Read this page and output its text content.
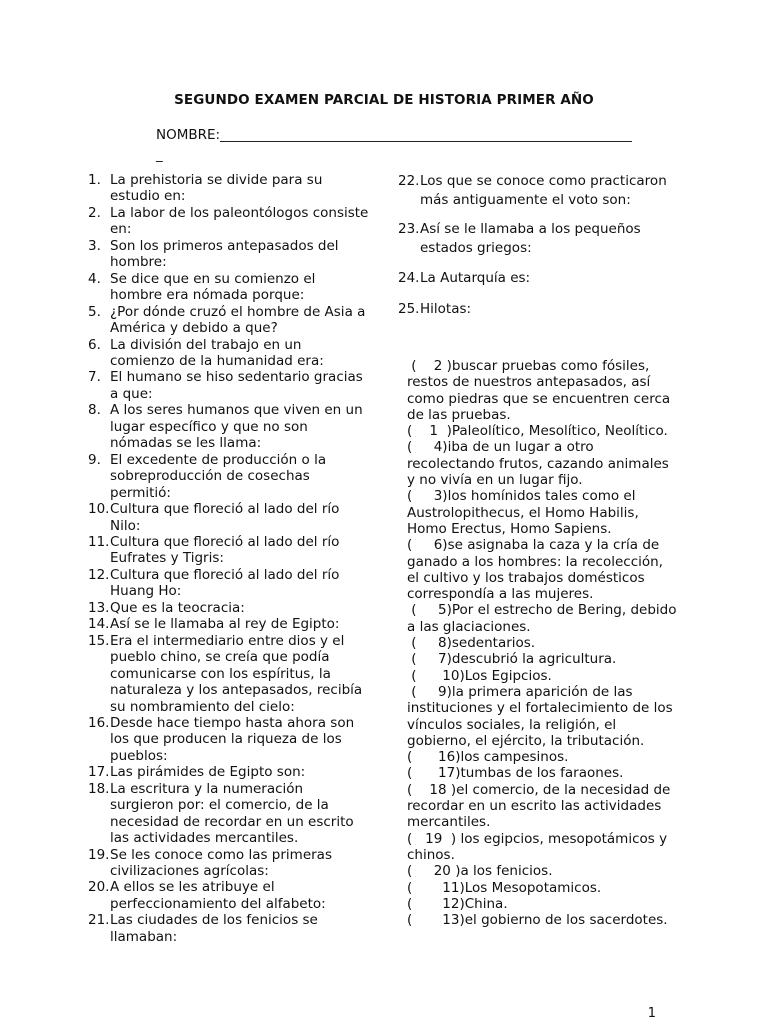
SEGUNDO EXAMEN PARCIAL DE HISTORIA PRIMER AÑO
NOMBRE:_____________________________________________________________
_
1. La prehistoria se divide para su estudio en:
2. La labor de los paleontólogos consiste en:
3. Son los primeros antepasados del hombre:
4. Se dice que en su comienzo el hombre era nómada porque:
5. ¿Por dónde cruzó el hombre de Asia a América y debido a que?
6. La división del trabajo en un comienzo de la humanidad era:
7. El humano se hiso sedentario gracias a que:
8. A los seres humanos que viven en un lugar específico y que no son nómadas se les llama:
9. El excedente de producción o la sobreproducción de cosechas permitió:
10. Cultura que floreció al lado del río Nilo:
11. Cultura que floreció al lado del río Eufrates y Tigris:
12. Cultura que floreció al lado del río Huang Ho:
13. Que es la teocracia:
14. Así se le llamaba al rey de Egipto:
15. Era el intermediario entre dios y el pueblo chino, se creía que podía comunicarse con los espíritus, la naturaleza y los antepasados, recibía su nombramiento del cielo:
16. Desde hace tiempo hasta ahora son los que producen la riqueza de los pueblos:
17. Las pirámides de Egipto son:
18. La escritura y la numeración surgieron por: el comercio, de la necesidad de recordar en un escrito las actividades mercantiles.
19. Se les conoce como las primeras civilizaciones agrícolas:
20. A ellos se les atribuye el perfeccionamiento del alfabeto:
21. Las ciudades de los fenicios se llamaban:
22. Los que se conoce como practicaron más antiguamente el voto son:
23. Así se le llamaba a los pequeños estados griegos:
24. La Autarquía es:
25. Hilotas:
(    2 )buscar pruebas como fósiles, restos de nuestros antepasados, así como piedras que se encuentren cerca de las pruebas.
(    1  )Paleolítico, Mesolítico, Neolítico.
(     4)iba de un lugar a otro recolectando frutos, cazando animales y no vivía en un lugar fijo.
(     3)los homínidos tales como el Austrolopithecus, el Homo Habilis, Homo Erectus, Homo Sapiens.
(     6)se asignaba la caza y la cría de ganado a los hombres: la recolección, el cultivo y los trabajos domésticos correspondía a las mujeres.
(     5)Por el estrecho de Bering, debido a las glaciaciones.
(     8)sedentarios.
(     7)descubrió la agricultura.
(      10)Los Egipcios.
(     9)la primera aparición de las instituciones y el fortalecimiento de los vínculos sociales, la religión, el gobierno, el ejército, la tributación.
(      16)los campesinos.
(      17)tumbas de los faraones.
(    18 )el comercio, de la necesidad de recordar en un escrito las actividades mercantiles.
(   19  ) los egipcios, mesopotámicos y chinos.
(     20 )a los fenicios.
(       11)Los Mesopotamicos.
(       12)China.
(       13)el gobierno de los sacerdotes.
1
